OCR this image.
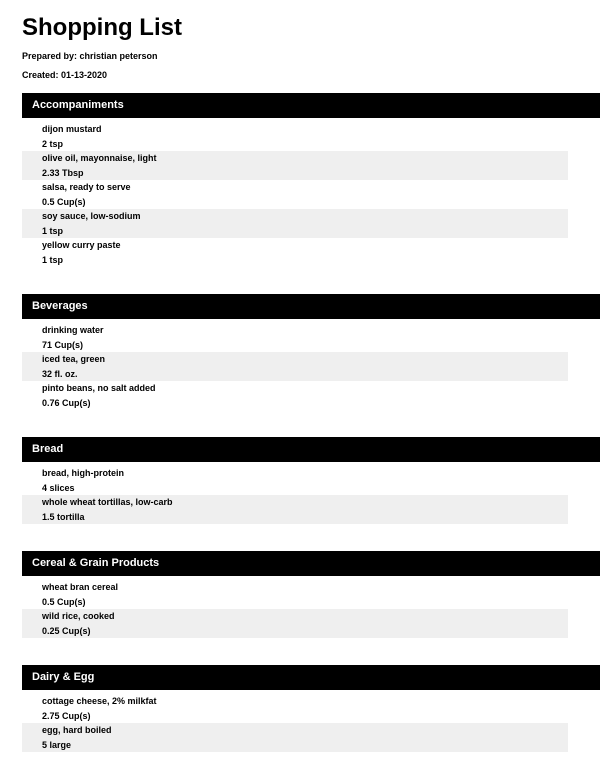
Shopping List
Prepared by: christian peterson
Created: 01-13-2020
Accompaniments
dijon mustard
2 tsp
olive oil, mayonnaise, light
2.33 Tbsp
salsa, ready to serve
0.5 Cup(s)
soy sauce, low-sodium
1 tsp
yellow curry paste
1 tsp
Beverages
drinking water
71 Cup(s)
iced tea, green
32 fl. oz.
pinto beans, no salt added
0.76 Cup(s)
Bread
bread, high-protein
4 slices
whole wheat tortillas, low-carb
1.5 tortilla
Cereal & Grain Products
wheat bran cereal
0.5 Cup(s)
wild rice, cooked
0.25 Cup(s)
Dairy & Egg
cottage cheese, 2% milkfat
2.75 Cup(s)
egg, hard boiled
5 large
